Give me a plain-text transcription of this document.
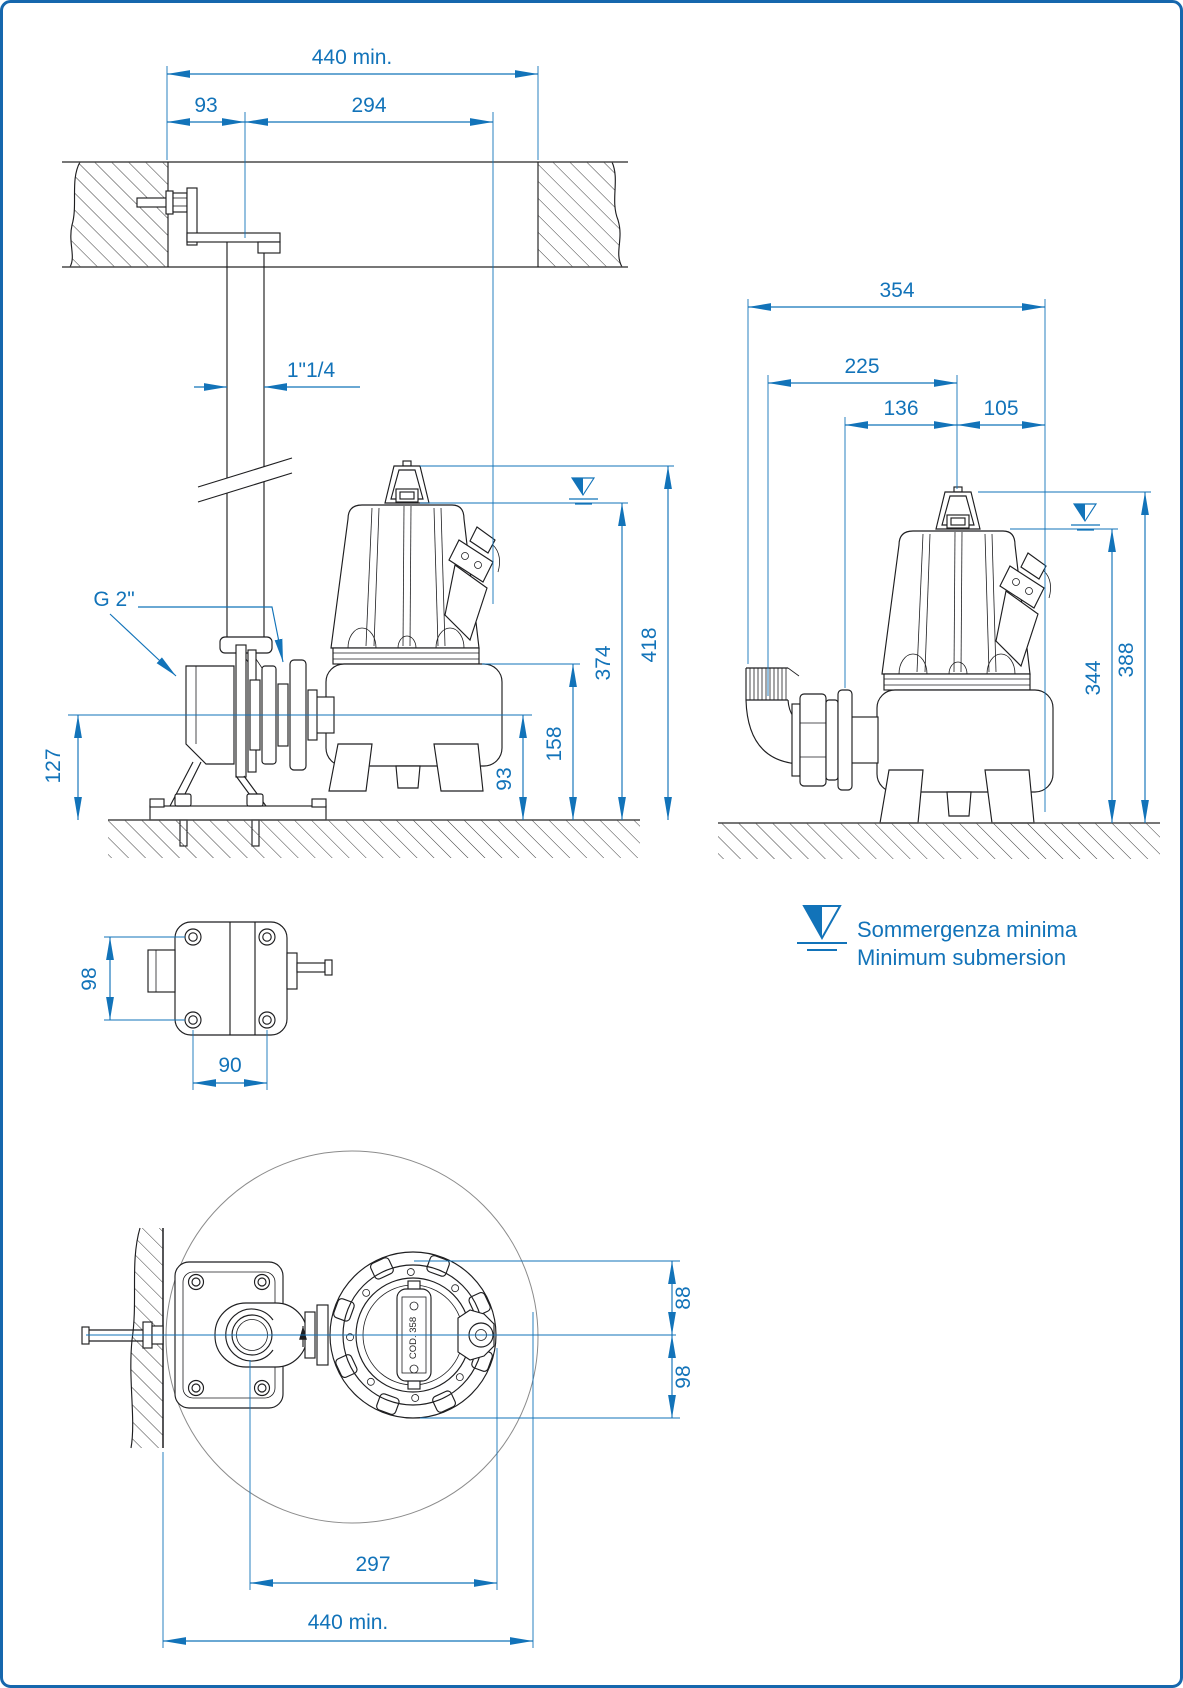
440 min.
93	294
1"1/4
G 2"
127	93
158
374
418
354
225
136	105
344
388
98
90
Sommergenza minima
Minimum submersion
COD. 358
88
98
297
440 min.
